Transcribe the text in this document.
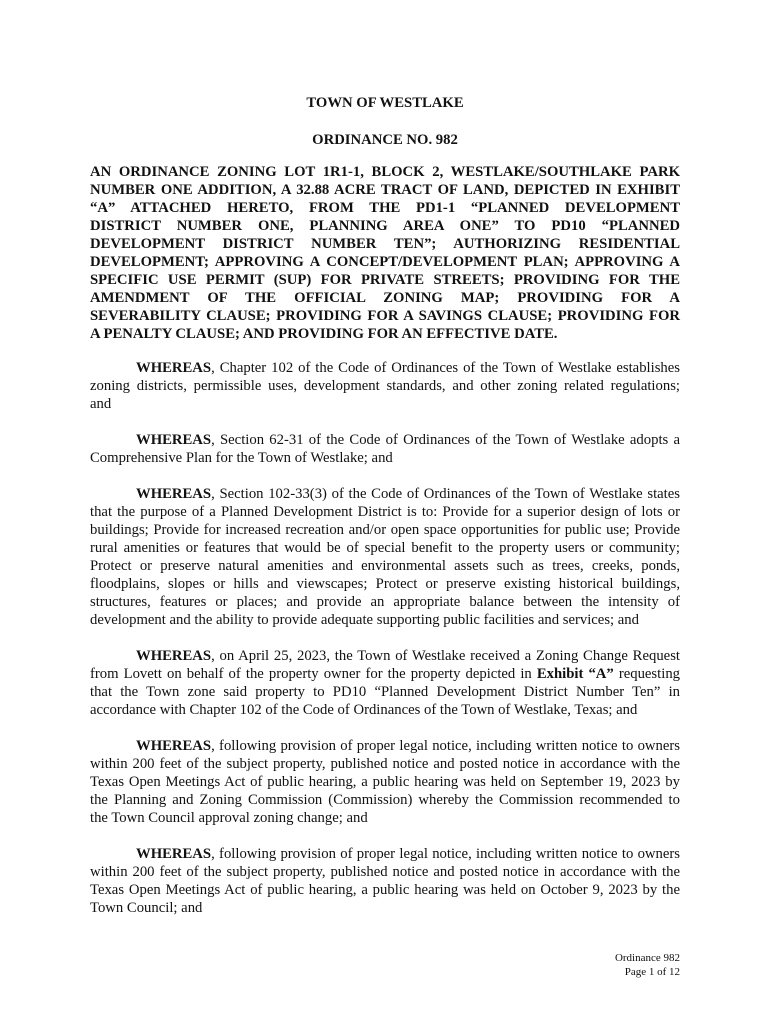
TOWN OF WESTLAKE
ORDINANCE NO. 982
AN ORDINANCE ZONING LOT 1R1-1, BLOCK 2, WESTLAKE/SOUTHLAKE PARK
NUMBER ONE ADDITION, A 32.88 ACRE TRACT OF LAND, DEPICTED IN EXHIBIT
“A” ATTACHED HERETO, FROM THE PD1-1 “PLANNED DEVELOPMENT
DISTRICT NUMBER ONE, PLANNING AREA ONE” TO PD10 “PLANNED
DEVELOPMENT DISTRICT NUMBER TEN”; AUTHORIZING RESIDENTIAL
DEVELOPMENT; APPROVING A CONCEPT/DEVELOPMENT PLAN; APPROVING A
SPECIFIC USE PERMIT (SUP) FOR PRIVATE STREETS; PROVIDING FOR THE
AMENDMENT OF THE OFFICIAL ZONING MAP; PROVIDING FOR A
SEVERABILITY CLAUSE; PROVIDING FOR A SAVINGS CLAUSE; PROVIDING FOR
A PENALTY CLAUSE; AND PROVIDING FOR AN EFFECTIVE DATE.
WHEREAS, Chapter 102 of the Code of Ordinances of the Town of Westlake establishes
zoning districts, permissible uses, development standards, and other zoning related regulations;
and
WHEREAS, Section 62-31 of the Code of Ordinances of the Town of Westlake adopts a
Comprehensive Plan for the Town of Westlake; and
WHEREAS, Section 102-33(3) of the Code of Ordinances of the Town of Westlake states
that the purpose of a Planned Development District is to: Provide for a superior design of lots or
buildings; Provide for increased recreation and/or open space opportunities for public use; Provide
rural amenities or features that would be of special benefit to the property users or community;
Protect or preserve natural amenities and environmental assets such as trees, creeks, ponds,
floodplains, slopes or hills and viewscapes; Protect or preserve existing historical buildings,
structures, features or places; and provide an appropriate balance between the intensity of
development and the ability to provide adequate supporting public facilities and services; and
WHEREAS, on April 25, 2023, the Town of Westlake received a Zoning Change Request
from Lovett on behalf of the property owner for the property depicted in Exhibit “A” requesting
that the Town zone said property to PD10 “Planned Development District Number Ten” in
accordance with Chapter 102 of the Code of Ordinances of the Town of Westlake, Texas; and
WHEREAS, following provision of proper legal notice, including written notice to owners
within 200 feet of the subject property, published notice and posted notice in accordance with the
Texas Open Meetings Act of public hearing, a public hearing was held on September 19, 2023 by
the Planning and Zoning Commission (Commission) whereby the Commission recommended to
the Town Council approval zoning change; and
WHEREAS, following provision of proper legal notice, including written notice to owners
within 200 feet of the subject property, published notice and posted notice in accordance with the
Texas Open Meetings Act of public hearing, a public hearing was held on October 9, 2023 by the
Town Council; and
Ordinance 982
Page 1 of 12
